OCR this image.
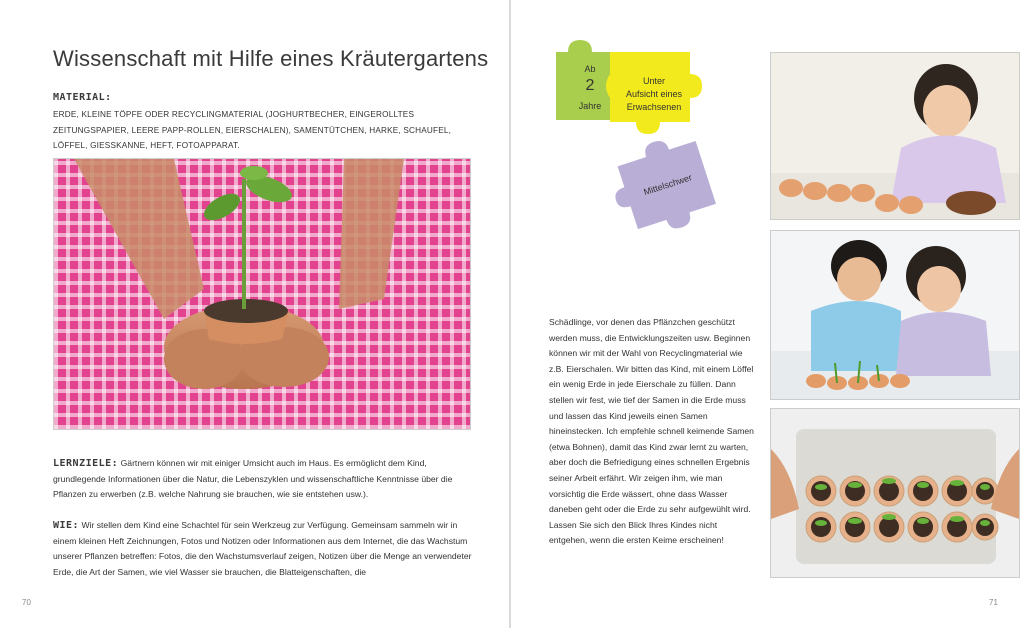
Wissenschaft mit Hilfe eines Kräutergartens
MATERIAL:
ERDE, KLEINE TÖPFE ODER RECYCLINGMATERIAL (JOGHURTBECHER, EINGEROLLTES ZEITUNGSPAPIER, LEERE PAPP-ROLLEN, EIERSCHALEN), SAMENTÜTCHEN, HARKE, SCHAUFEL, LÖFFEL, GIESSKANNE, HEFT, FOTOAPPARAT.
LERNZIELE: Gärtnern können wir mit einiger Umsicht auch im Haus. Es ermöglicht dem Kind, grundlegende Informationen über die Natur, die Lebenszyklen und wissenschaftliche Kenntnisse über die Pflanzen zu erwerben (z.B. welche Nahrung sie brauchen, wie sie entstehen usw.).
WIE: Wir stellen dem Kind eine Schachtel für sein Werkzeug zur Verfügung. Gemeinsam sammeln wir in einem kleinen Heft Zeichnungen, Fotos und Notizen oder Informationen aus dem Internet, die das Wachstum unserer Pflanzen betreffen: Fotos, die den Wachstumsverlauf zeigen, Notizen über die Menge an verwendeter Erde, die Art der Samen, wie viel Wasser sie brauchen, die Blatteigenschaften, die
70
Ab
2
Jahre
Unter
Aufsicht eines
Erwachsenen
Mittelschwer
Schädlinge, vor denen das Pflänzchen geschützt werden muss, die Entwicklungszeiten usw. Beginnen können wir mit der Wahl von Recyclingmaterial wie z.B. Eierschalen. Wir bitten das Kind, mit einem Löffel ein wenig Erde in jede Eierschale zu füllen. Dann stellen wir fest, wie tief der Samen in die Erde muss und lassen das Kind jeweils einen Samen hineinstecken. Ich empfehle schnell keimende Samen (etwa Bohnen), damit das Kind zwar lernt zu warten, aber doch die Befriedigung eines schnellen Ergebnis seiner Arbeit erfährt. Wir zeigen ihm, wie man vorsichtig die Erde wässert, ohne dass Wasser daneben geht oder die Erde zu sehr aufgewühlt wird. Lassen Sie sich den Blick Ihres Kindes nicht entgehen, wenn die ersten Keime erscheinen!
71
